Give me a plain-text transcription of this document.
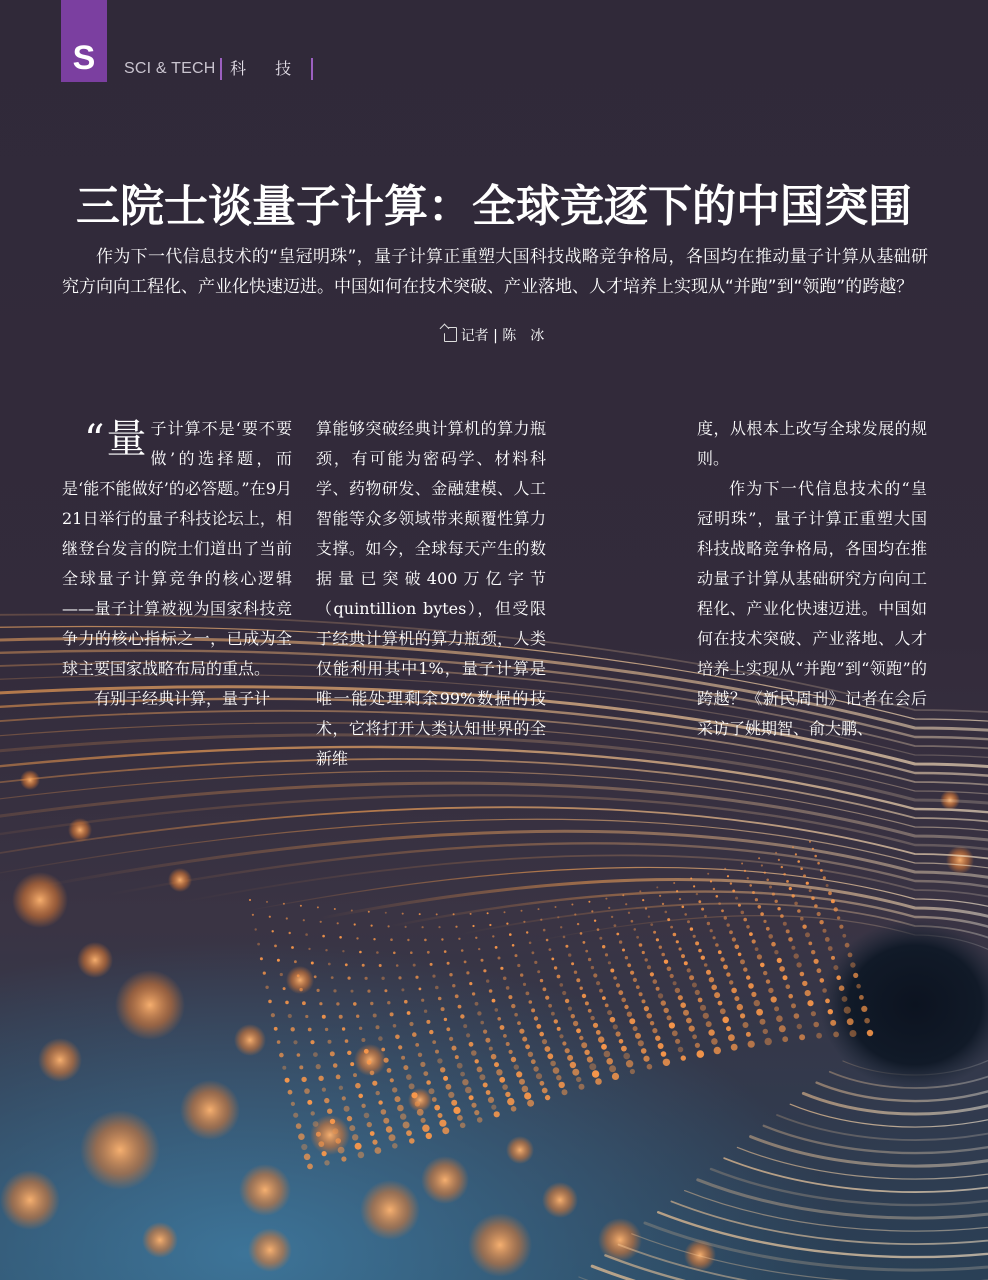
S	SCI & TECH 科 技
三院士谈量子计算：全球竞逐下的中国突围
作为下一代信息技术的“皇冠明珠”，量子计算正重塑大国科技战略竞争格局，各国均在推动量子计算从基础研究方向向工程化、产业化快速迈进。中国如何在技术突破、产业落地、人才培养上实现从“并跑”到“领跑”的跨越？
记者 | 陈　冰

“ 量 子计算不是‘要不要做’的选择题，而是‘能不能做好’的必答题。”在9月21日举行的量子科技论坛上，相继登台发言的院士们道出了当前全球量子计算竞争的核心逻辑——量子计算被视为国家科技竞争力的核心指标之一，已成为全球主要国家战略布局的重点。

有别于经典计算，量子计

算能够突破经典计算机的算力瓶颈，有可能为密码学、材料科学、药物研发、金融建模、人工智能等众多领域带来颠覆性算力支撑。如今，全球每天产生的数据量已突破400万亿字节（quintillion bytes），但受限于经典计算机的算力瓶颈，人类仅能利用其中1%，量子计算是唯一能处理剩余99%数据的技术，它将打开人类认知世界的全新维

度，从根本上改写全球发展的规则。

作为下一代信息技术的“皇冠明珠”，量子计算正重塑大国科技战略竞争格局，各国均在推动量子计算从基础研究方向向工程化、产业化快速迈进。中国如何在技术突破、产业落地、人才培养上实现从“并跑”到“领跑”的跨越？《新民周刊》记者在会后采访了姚期智、俞大鹏、
